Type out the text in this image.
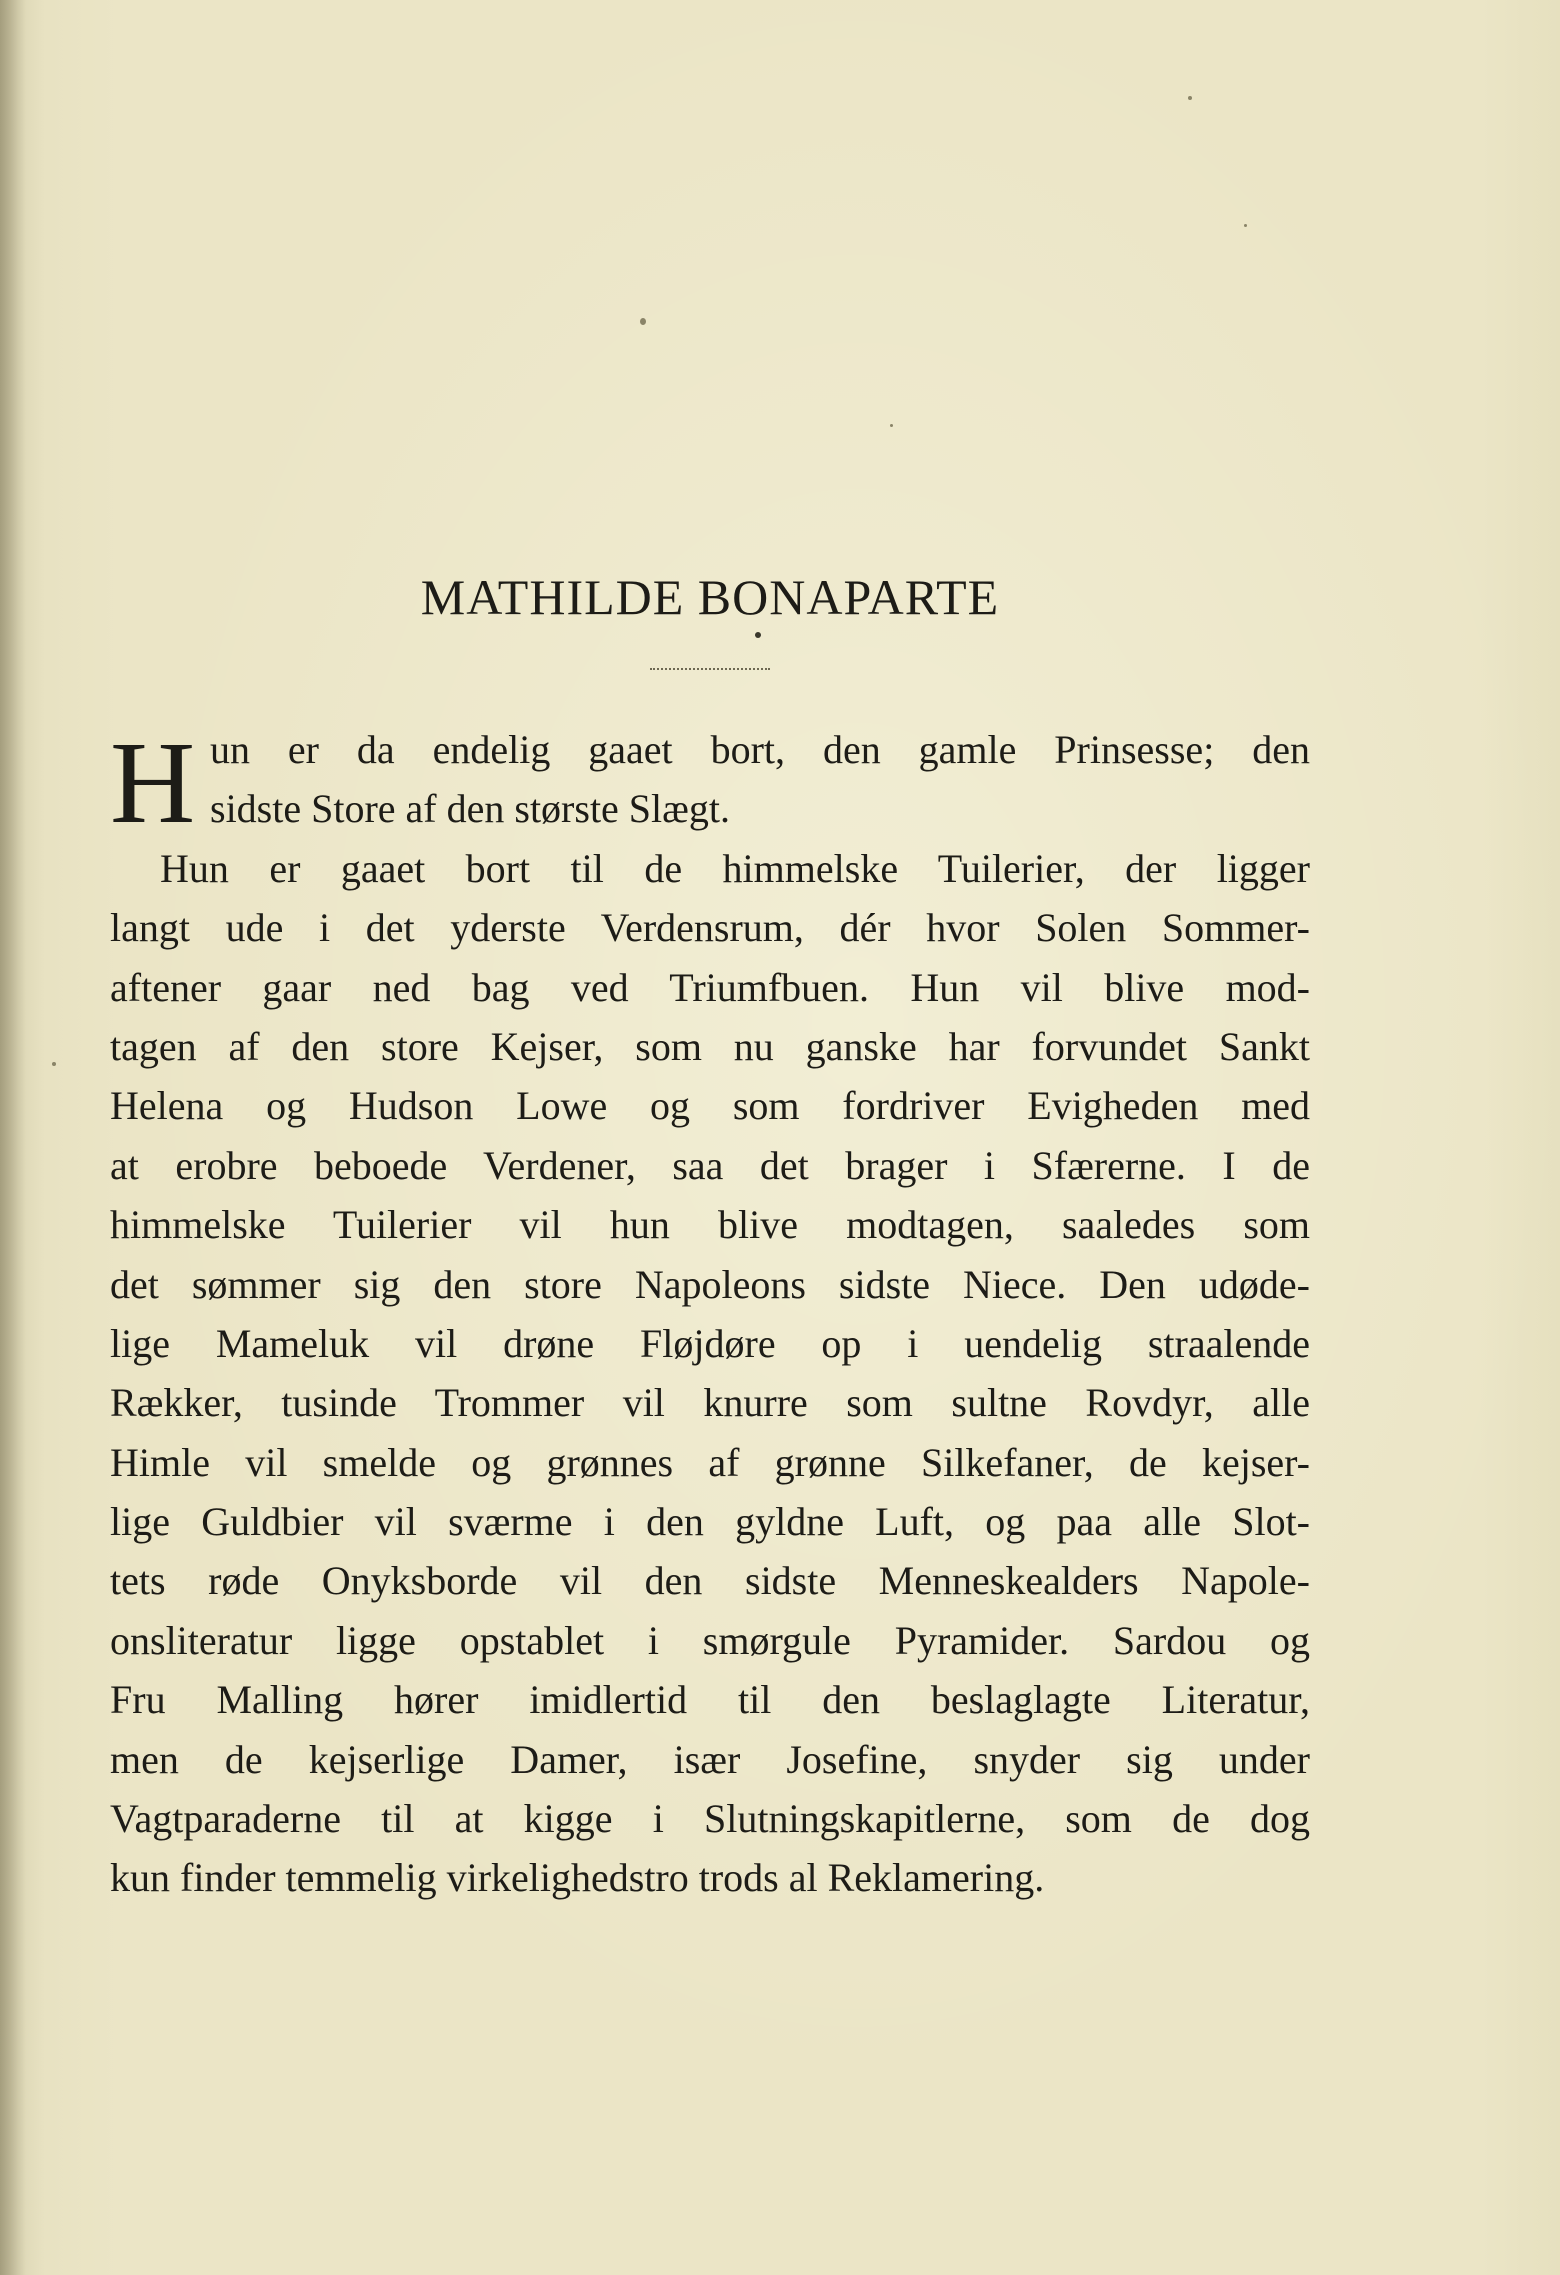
MATHILDE BONAPARTE
H un er da endelig gaaet bort, den gamle Prinsesse; den
sidste Store af den største Slægt.
Hun er gaaet bort til de himmelske Tuilerier, der ligger
langt ude i det yderste Verdensrum, dér hvor Solen Sommer-
aftener gaar ned bag ved Triumfbuen. Hun vil blive mod-
tagen af den store Kejser, som nu ganske har forvundet Sankt
Helena og Hudson Lowe og som fordriver Evigheden med
at erobre beboede Verdener, saa det brager i Sfærerne. I de
himmelske Tuilerier vil hun blive modtagen, saaledes som
det sømmer sig den store Napoleons sidste Niece. Den udøde-
lige Mameluk vil drøne Fløjdøre op i uendelig straalende
Rækker, tusinde Trommer vil knurre som sultne Rovdyr, alle
Himle vil smelde og grønnes af grønne Silkefaner, de kejser-
lige Guldbier vil sværme i den gyldne Luft, og paa alle Slot-
tets røde Onyksborde vil den sidste Menneskealders Napole-
onsliteratur ligge opstablet i smørgule Pyramider. Sardou og
Fru Malling hører imidlertid til den beslaglagte Literatur,
men de kejserlige Damer, især Josefine, snyder sig under
Vagtparaderne til at kigge i Slutningskapitlerne, som de dog
kun finder temmelig virkelighedstro trods al Reklamering.
